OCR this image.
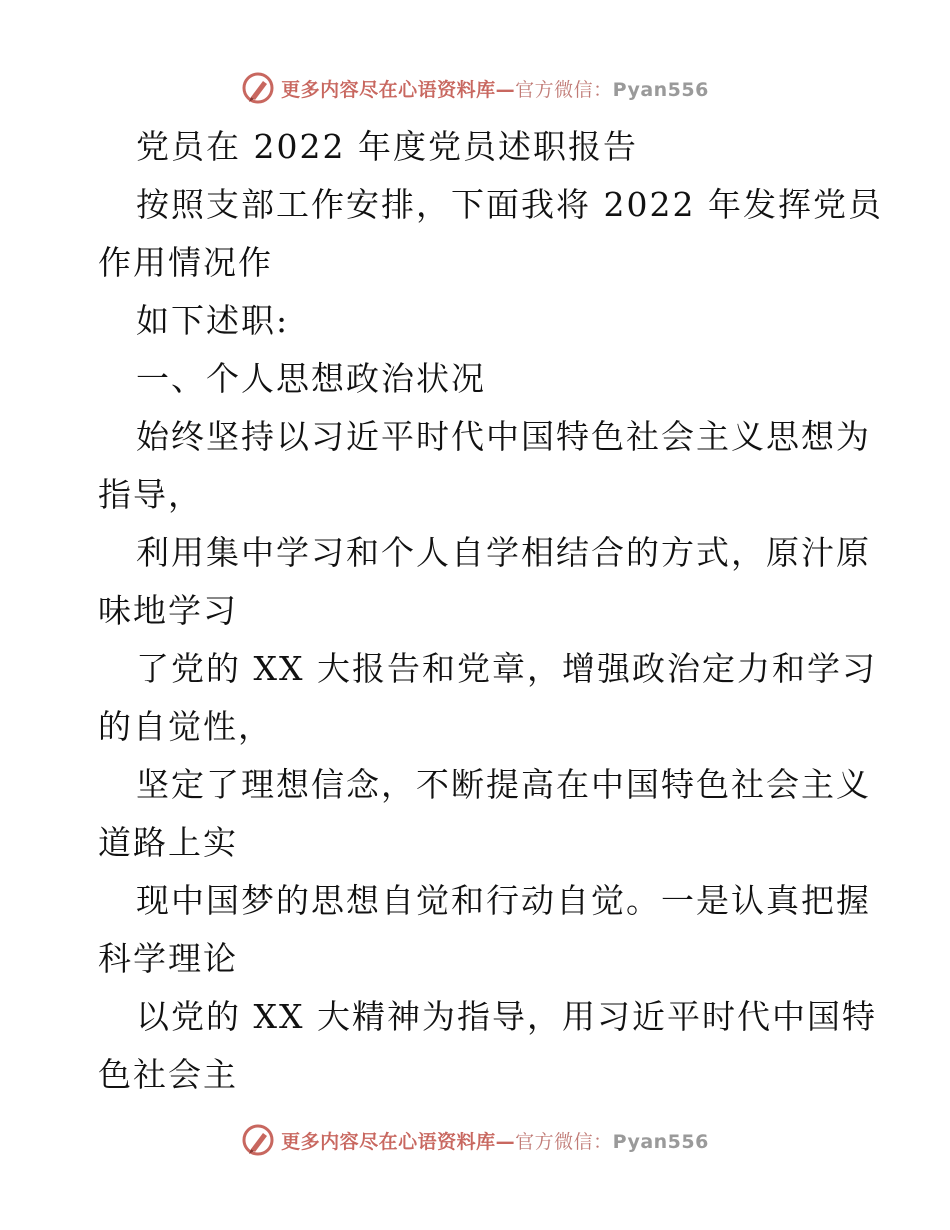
更多内容尽在心语资料库—官方微信：Pyan556
党员在 2022 年度党员述职报告
按照支部工作安排，下面我将 2022 年发挥党员
作用情况作
如下述职:
一、个人思想政治状况
始终坚持以习近平时代中国特色社会主义思想为
指导，
利用集中学习和个人自学相结合的方式，原汁原
味地学习
了党的 XX 大报告和党章，增强政治定力和学习
的自觉性，
坚定了理想信念，不断提高在中国特色社会主义
道路上实
现中国梦的思想自觉和行动自觉。一是认真把握
科学理论
以党的 XX 大精神为指导，用习近平时代中国特
色社会主
更多内容尽在心语资料库—官方微信：Pyan556
